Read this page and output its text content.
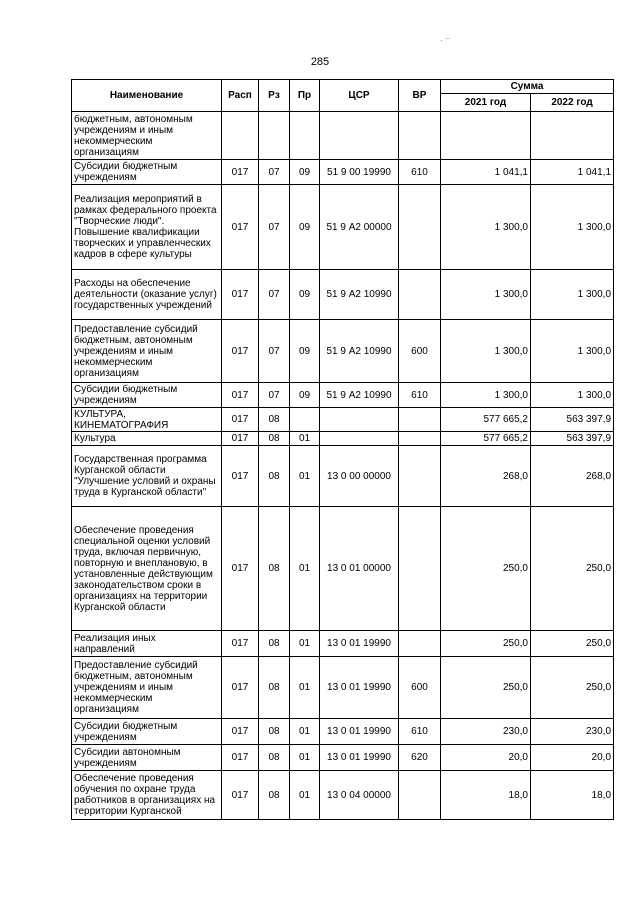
· ⁻
285
Наименование	Расп	Рз	Пр	ЦСР	ВР	Сумма	
						2021 год	2022 год
бюджетным, автономным учреждениям и иным некоммерческим организациям							
Субсидии бюджетным учреждениям	017	07	09	51 9 00 19990	610	1 041,1	1 041,1
Реализация мероприятий в рамках федерального проекта "Творческие люди". Повышение квалификации творческих и управленческих кадров в сфере культуры	017	07	09	51 9 А2 00000		1 300,0	1 300,0
Расходы на обеспечение деятельности (оказание услуг) государственных учреждений	017	07	09	51 9 А2 10990		1 300,0	1 300,0
Предоставление субсидий бюджетным, автономным учреждениям и иным некоммерческим организациям	017	07	09	51 9 А2 10990	600	1 300,0	1 300,0
Субсидии бюджетным учреждениям	017	07	09	51 9 А2 10990	610	1 300,0	1 300,0
КУЛЬТУРА, КИНЕМАТОГРАФИЯ	017	08				577 665,2	563 397,9
Культура	017	08	01			577 665,2	563 397,9
Государственная программа Курганской области "Улучшение условий и охраны труда в Курганской области"	017	08	01	13 0 00 00000		268,0	268,0
Обеспечение проведения специальной оценки условий труда, включая первичную, повторную и внеплановую, в установленные действующим законодательством сроки в организациях на территории Курганской области	017	08	01	13 0 01 00000		250,0	250,0
Реализация иных направлений	017	08	01	13 0 01 19990		250,0	250,0
Предоставление субсидий бюджетным, автономным учреждениям и иным некоммерческим организациям	017	08	01	13 0 01 19990	600	250,0	250,0
Субсидии бюджетным учреждениям	017	08	01	13 0 01 19990	610	230,0	230,0
Субсидии автономным учреждениям	017	08	01	13 0 01 19990	620	20,0	20,0
Обеспечение проведения обучения по охране труда работников в организациях на территории Курганской	017	08	01	13 0 04 00000		18,0	18,0
